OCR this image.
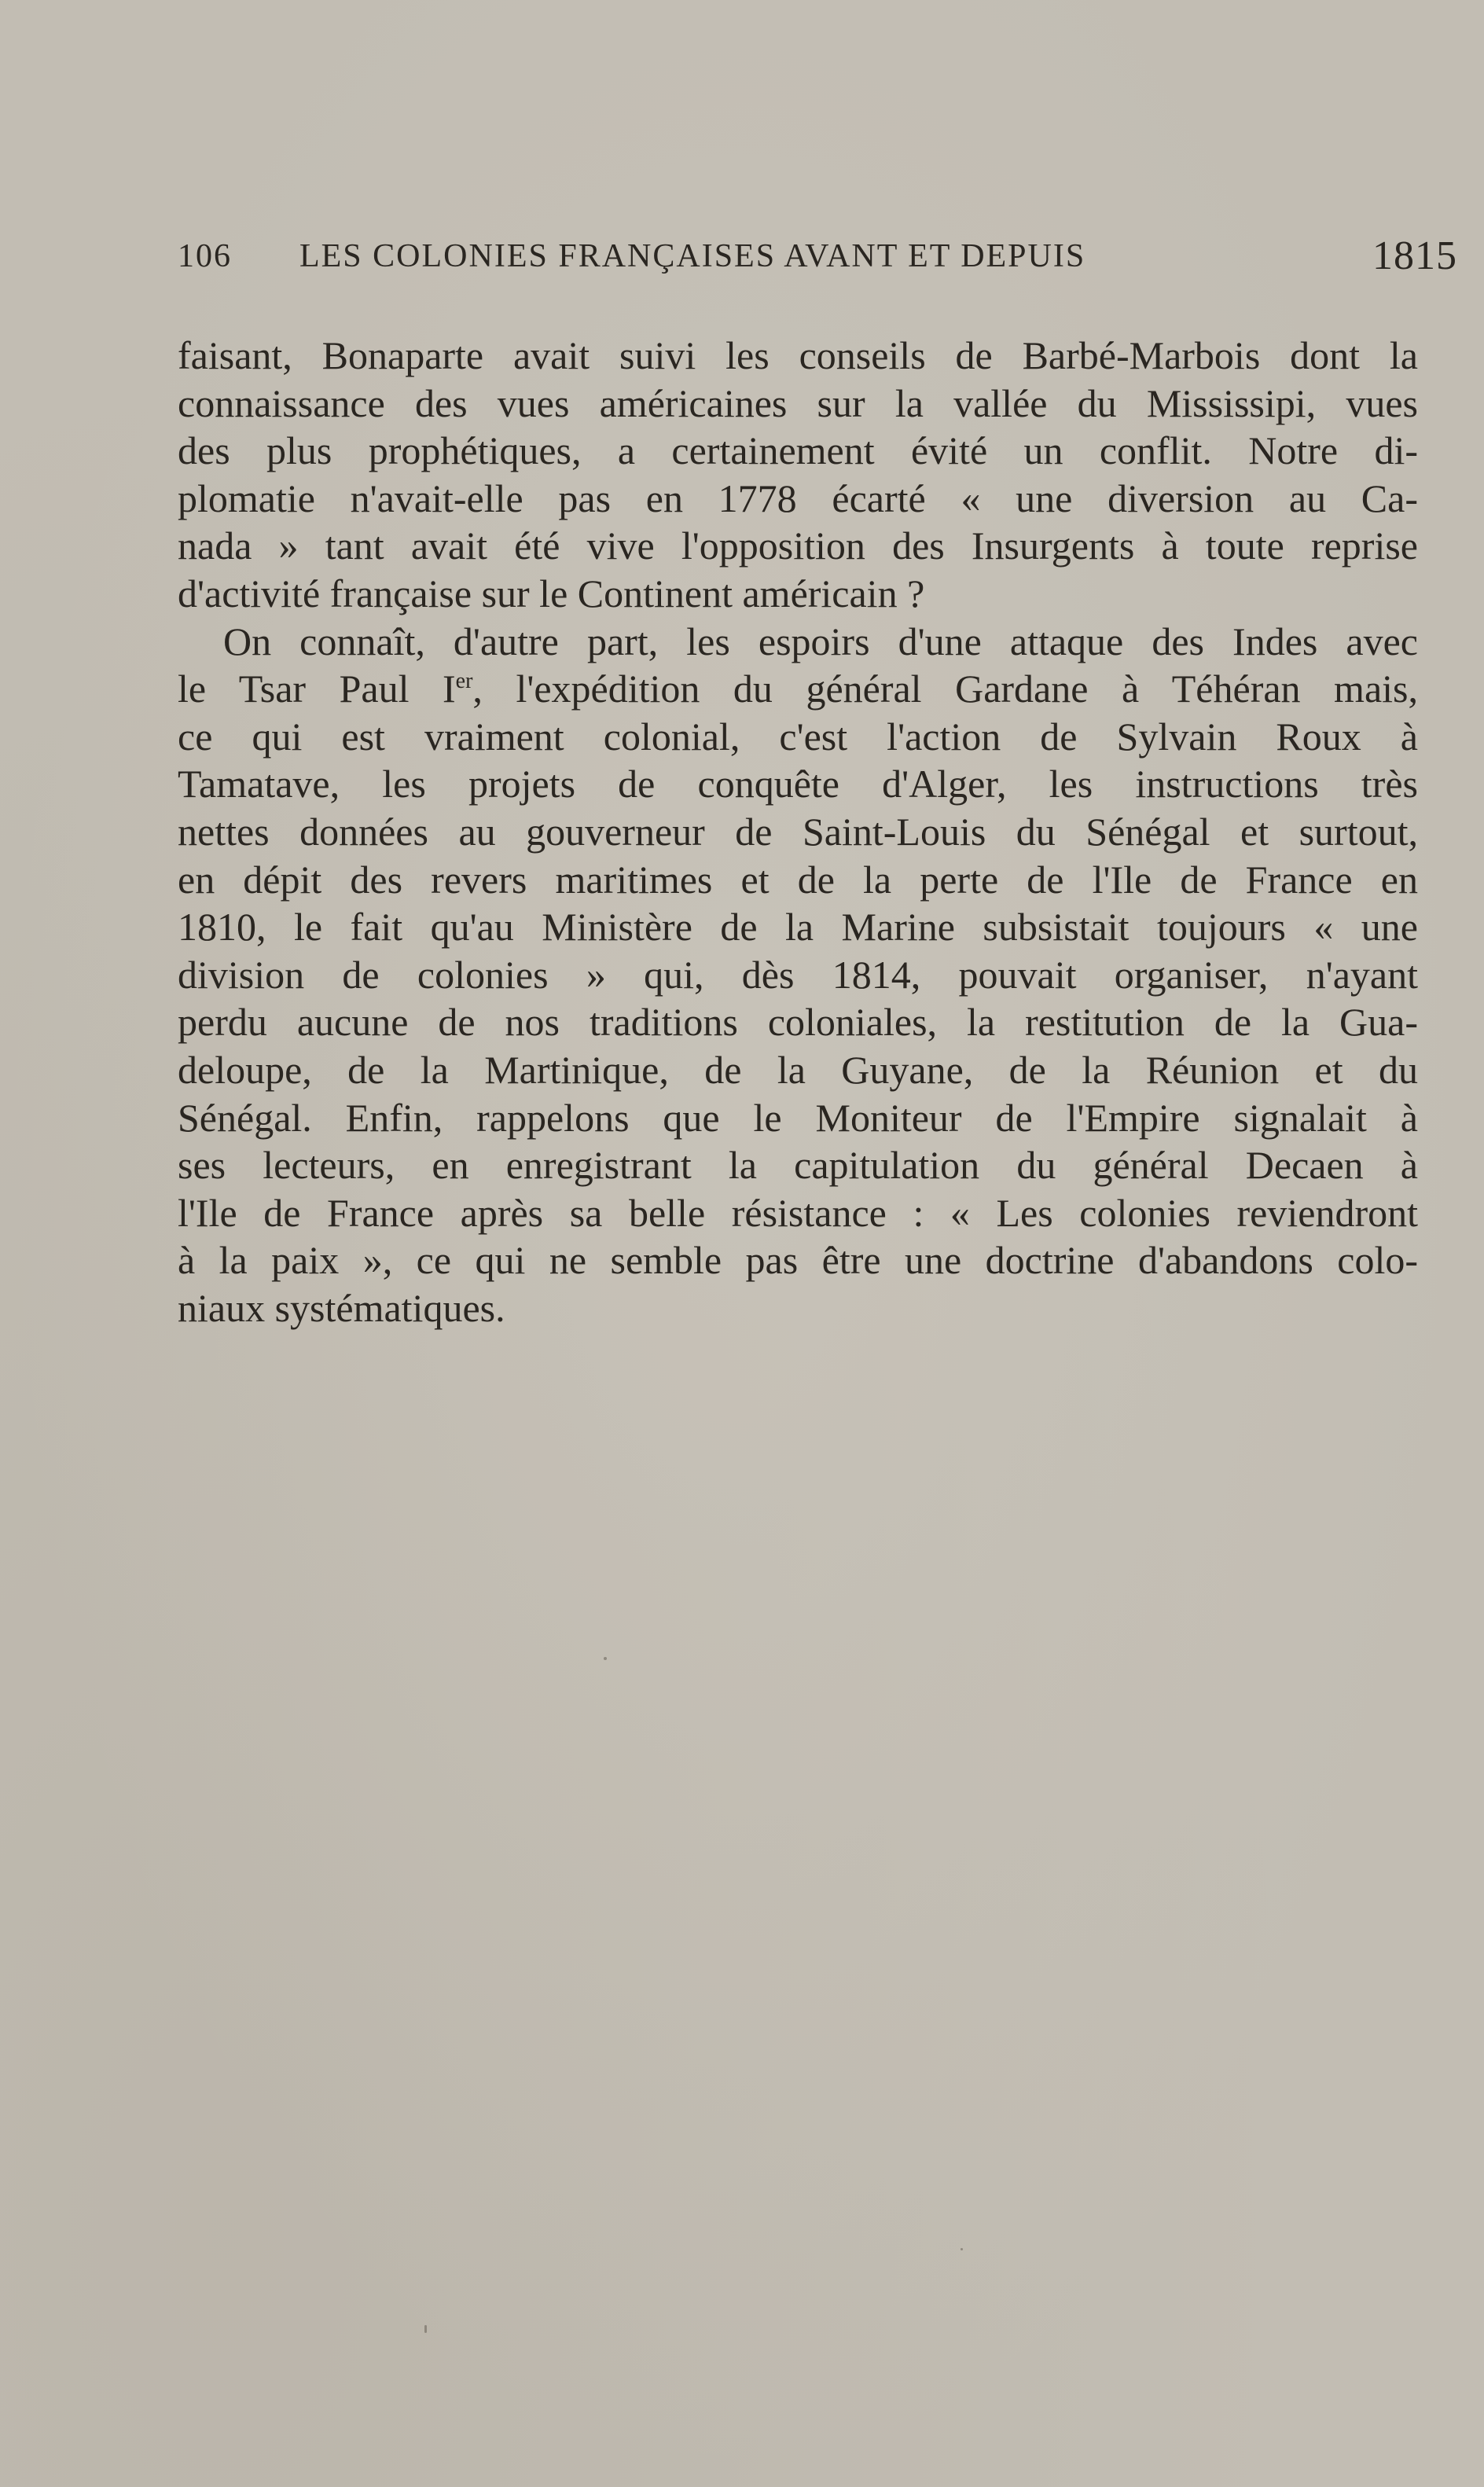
106 LES COLONIES FRANÇAISES AVANT ET DEPUIS	1815
faisant, Bonaparte avait suivi les conseils de Barbé-Marbois dont la
connaissance des vues américaines sur la vallée du Mississipi, vues
des plus prophétiques, a certainement évité un conflit. Notre di-
plomatie n'avait-elle pas en 1778 écarté « une diversion au Ca-
nada » tant avait été vive l'opposition des Insurgents à toute reprise
d'activité française sur le Continent américain ?
On connaît, d'autre part, les espoirs d'une attaque des Indes avec
le Tsar Paul Ier, l'expédition du général Gardane à Téhéran mais,
ce qui est vraiment colonial, c'est l'action de Sylvain Roux à
Tamatave, les projets de conquête d'Alger, les instructions très
nettes données au gouverneur de Saint-Louis du Sénégal et surtout,
en dépit des revers maritimes et de la perte de l'Ile de France en
1810, le fait qu'au Ministère de la Marine subsistait toujours « une
division de colonies » qui, dès 1814, pouvait organiser, n'ayant
perdu aucune de nos traditions coloniales, la restitution de la Gua-
deloupe, de la Martinique, de la Guyane, de la Réunion et du
Sénégal. Enfin, rappelons que le Moniteur de l'Empire signalait à
ses lecteurs, en enregistrant la capitulation du général Decaen à
l'Ile de France après sa belle résistance : « Les colonies reviendront
à la paix », ce qui ne semble pas être une doctrine d'abandons colo-
niaux systématiques.
